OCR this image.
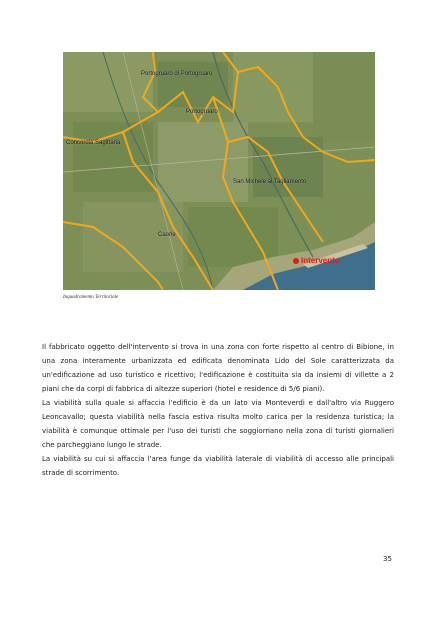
Portogruaro di Portogruaro
Portogruaro
Concordia Sagittaria
San Michele al Tagliamento
Caorle
Intervento
Inquadramento Territoriale

Il fabbricato oggetto dell'intervento si trova in una zona con forte rispetto al centro di Bibione, in una zona interamente urbanizzata ed edificata denominata Lido del Sole caratterizzata da un'edificazione ad uso turistico e ricettivo; l'edificazione è costituita sia da insiemi di villette a 2 piani che da corpi di fabbrica di altezze superiori (hotel e residence di 5/6 piani).

La viabilità sulla quale si affaccia l'edificio è da un lato via Monteverdi e dall'altro via Ruggero Leoncavallo; questa viabilità nella fascia estiva risulta molto carica per la residenza turistica; la viabilità è comunque ottimale per l'uso dei turisti che soggiornano nella zona di turisti giornalieri che parcheggiano lungo le strade.

La viabilità su cui si affaccia l'area funge da viabilità laterale di viabilità di accesso alle principali strade di scorrimento.

35
